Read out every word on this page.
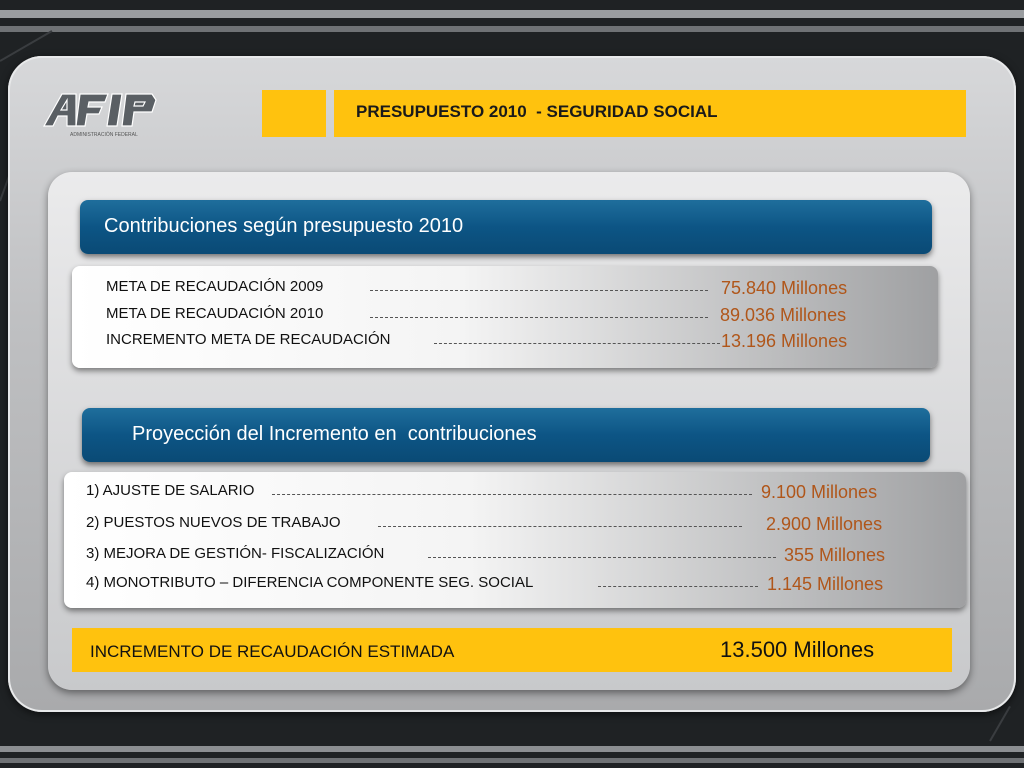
ADMINISTRACIÓN FEDERAL
PRESUPUESTO 2010  - SEGURIDAD SOCIAL
Contribuciones según presupuesto 2010
META DE RECAUDACIÓN 2009	75.840 Millones
META DE RECAUDACIÓN 2010	89.036 Millones
INCREMENTO META DE RECAUDACIÓN	13.196 Millones
Proyección del Incremento en  contribuciones
1) AJUSTE DE SALARIO	9.100 Millones
2) PUESTOS NUEVOS DE TRABAJO	2.900 Millones
3) MEJORA DE GESTIÓN- FISCALIZACIÓN	355 Millones
4) MONOTRIBUTO – DIFERENCIA COMPONENTE SEG. SOCIAL	1.145 Millones
INCREMENTO DE RECAUDACIÓN ESTIMADA	13.500 Millones
